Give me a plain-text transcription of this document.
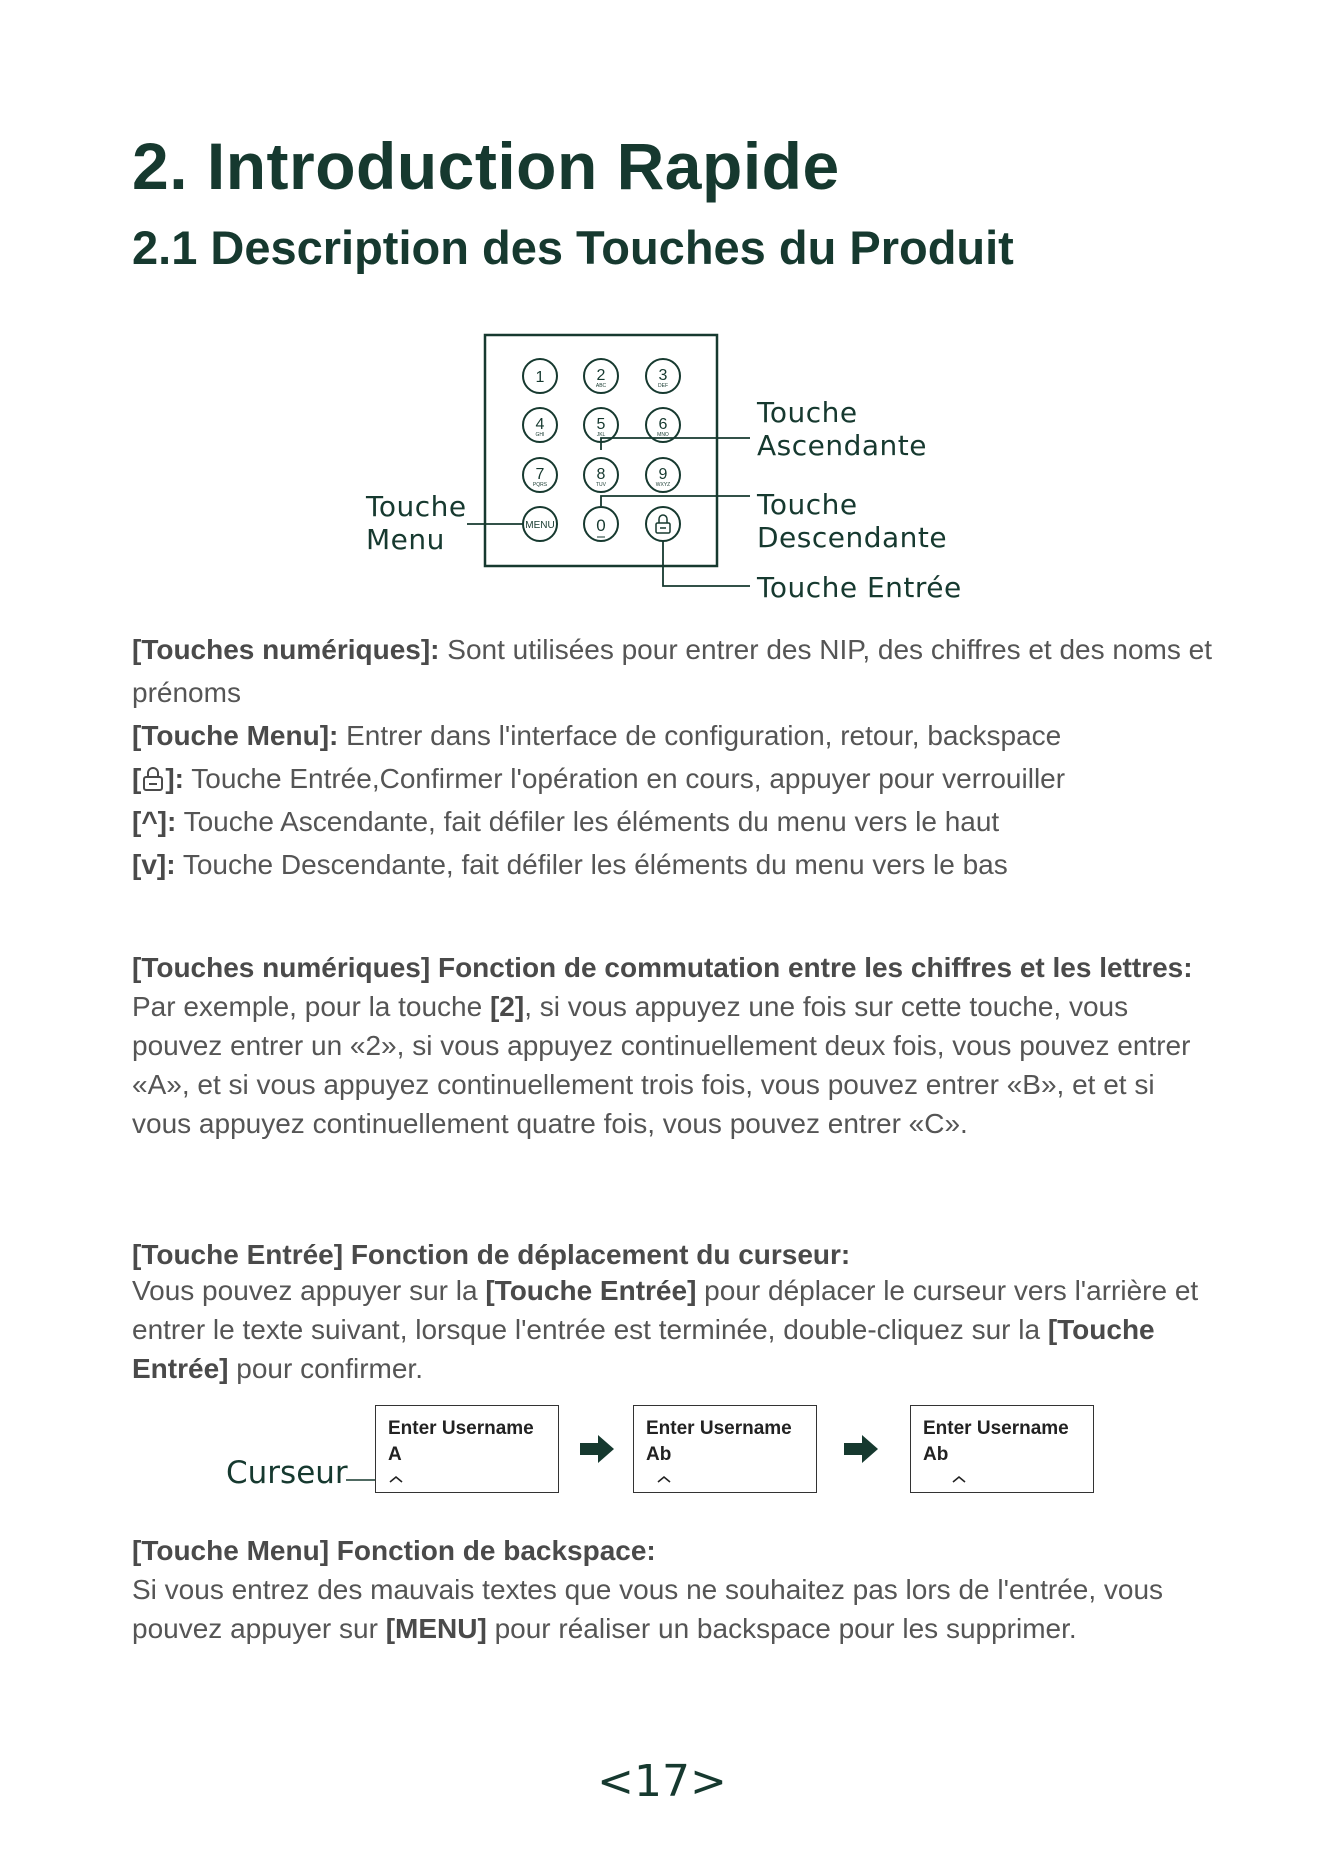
2. Introduction Rapide
2.1 Description des Touches du Produit
1	2
ABC
3
DEF
4
GHI
5
JKL
6
MNO
7
PQRS
8
TUV
9
WXYZ
MENU 0
Touche
Menu
Touche
Ascendante
Touche
Descendante
Touche Entrée

[Touches numériques]: Sont utilisées pour entrer des NIP, des chiffres et des noms et prénoms

[Touche Menu]: Entrer dans l'interface de configuration, retour, backspace

[ ]: Touche Entrée,Confirmer l'opération en cours, appuyer pour verrouiller

[^]: Touche Ascendante, fait défiler les éléments du menu vers le haut

[v]: Touche Descendante, fait défiler les éléments du menu vers le bas

[Touches numériques] Fonction de commutation entre les chiffres et les lettres:

Par exemple, pour la touche [2], si vous appuyez une fois sur cette touche, vous pouvez entrer un «2», si vous appuyez continuellement deux fois, vous pouvez entrer «A», et si vous appuyez continuellement trois fois, vous pouvez entrer «B», et et si vous appuyez continuellement quatre fois, vous pouvez entrer «C».

[Touche Entrée] Fonction de déplacement du curseur:

Vous pouvez appuyer sur la [Touche Entrée] pour déplacer le curseur vers l'arrière et entrer le texte suivant, lorsque l'entrée est terminée, double-cliquez sur la [Touche Entrée] pour confirmer.

Curseur
Enter Username
A
Enter Username
Ab
Enter Username
Ab

[Touche Menu] Fonction de backspace:

Si vous entrez des mauvais textes que vous ne souhaitez pas lors de l'entrée, vous pouvez appuyer sur [MENU] pour réaliser un backspace pour les supprimer.

<17>
